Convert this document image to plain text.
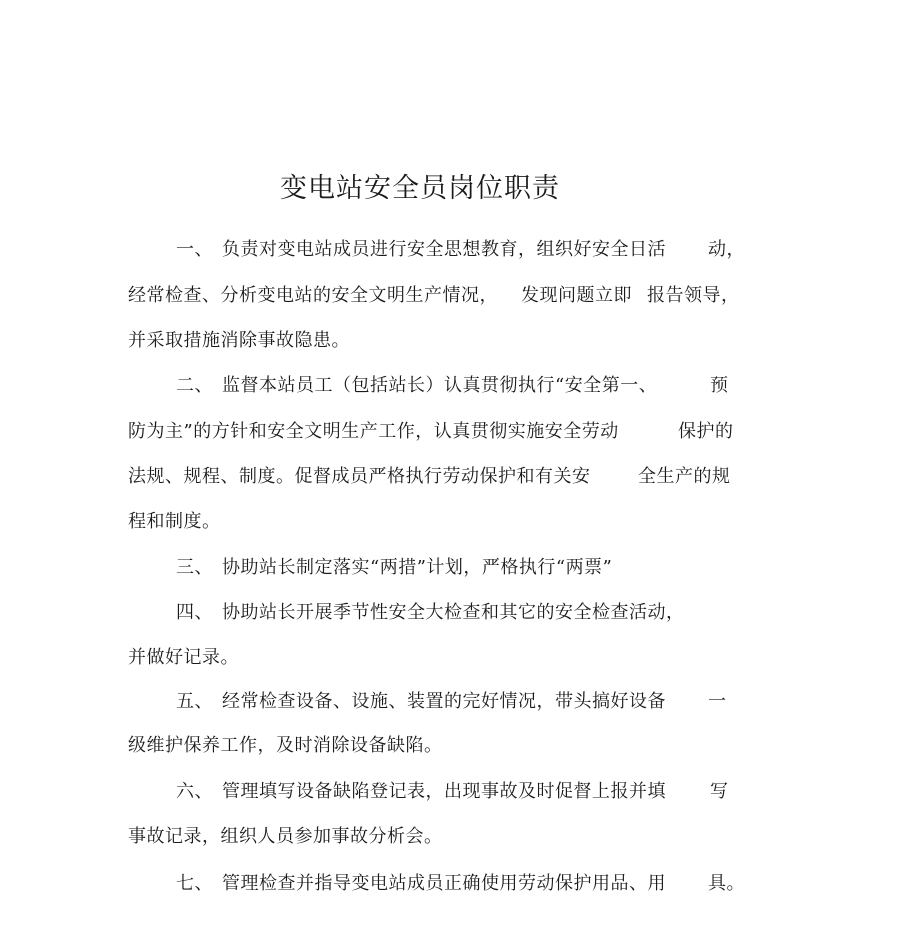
变电站安全员岗位职责
一、 负责对变电站成员进行安全思想教育，组织好安全日活 动，
经常检查、分析变电站的安全文明生产情况， 发现问题立即 报告领导，
并采取措施消除事故隐患。
二、 监督本站员工（包括站长）认真贯彻执行“安全第一、	预
防为主”的方针和安全文明生产工作，认真贯彻实施安全劳动	保护的
法规、规程、制度。促督成员严格执行劳动保护和有关安	全生产的规
程和制度。
三、 协助站长制定落实“两措”计划，严格执行“两票”
四、 协助站长开展季节性安全大检查和其它的安全检查活动，
并做好记录。
五、 经常检查设备、设施、装置的完好情况，带头搞好设备 一
级维护保养工作，及时消除设备缺陷。
六、 管理填写设备缺陷登记表，出现事故及时促督上报并填 写
事故记录，组织人员参加事故分析会。
七、 管理检查并指导变电站成员正确使用劳动保护用品、用 具。
